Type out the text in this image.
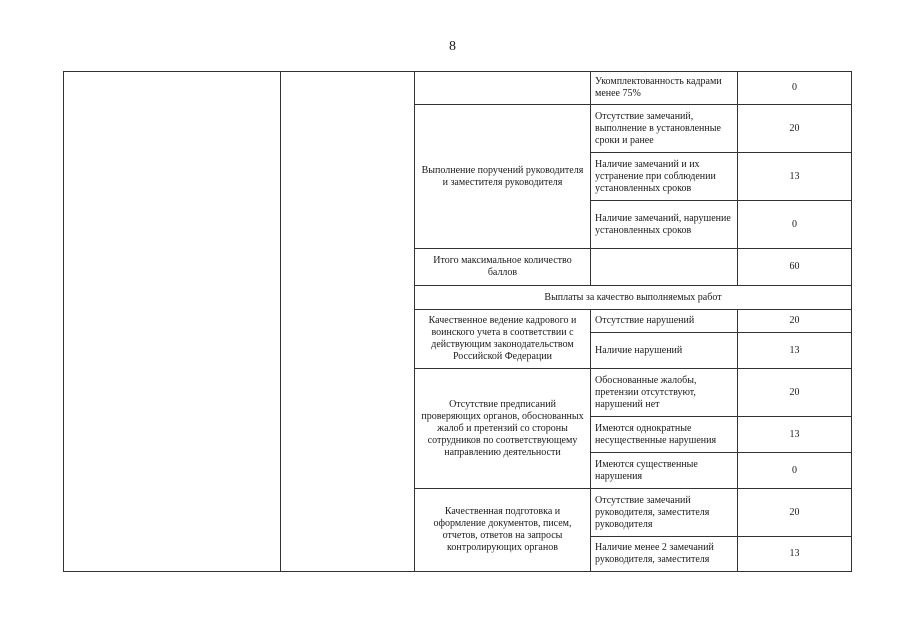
8
			Укомплектованность кадрами менее 75%	0
		Выполнение поручений руководителя и заместителя руководителя	Отсутствие замечаний, выполнение в установленные сроки и ранее	20
			Наличие замечаний и их устранение при соблюдении установленных сроков	13
			Наличие замечаний, нарушение установленных сроков	0
		Итого максимальное количество баллов		60
		Выплаты за качество выполняемых работ		
		Качественное ведение кадрового и воинского учета в соответствии с действующим законодательством Российской Федерации	Отсутствие нарушений	20
			Наличие нарушений	13
		Отсутствие предписаний проверяющих органов, обоснованных жалоб и претензий со стороны сотрудников по соответствующему направлению деятельности	Обоснованные жалобы, претензии отсутствуют, нарушений нет	20
			Имеются однократные несущественные нарушения	13
			Имеются существенные нарушения	0
		Качественная подготовка и оформление документов, писем, отчетов, ответов на запросы контролирующих органов	Отсутствие замечаний руководителя, заместителя руководителя	20
			Наличие менее 2 замечаний руководителя, заместителя	13
